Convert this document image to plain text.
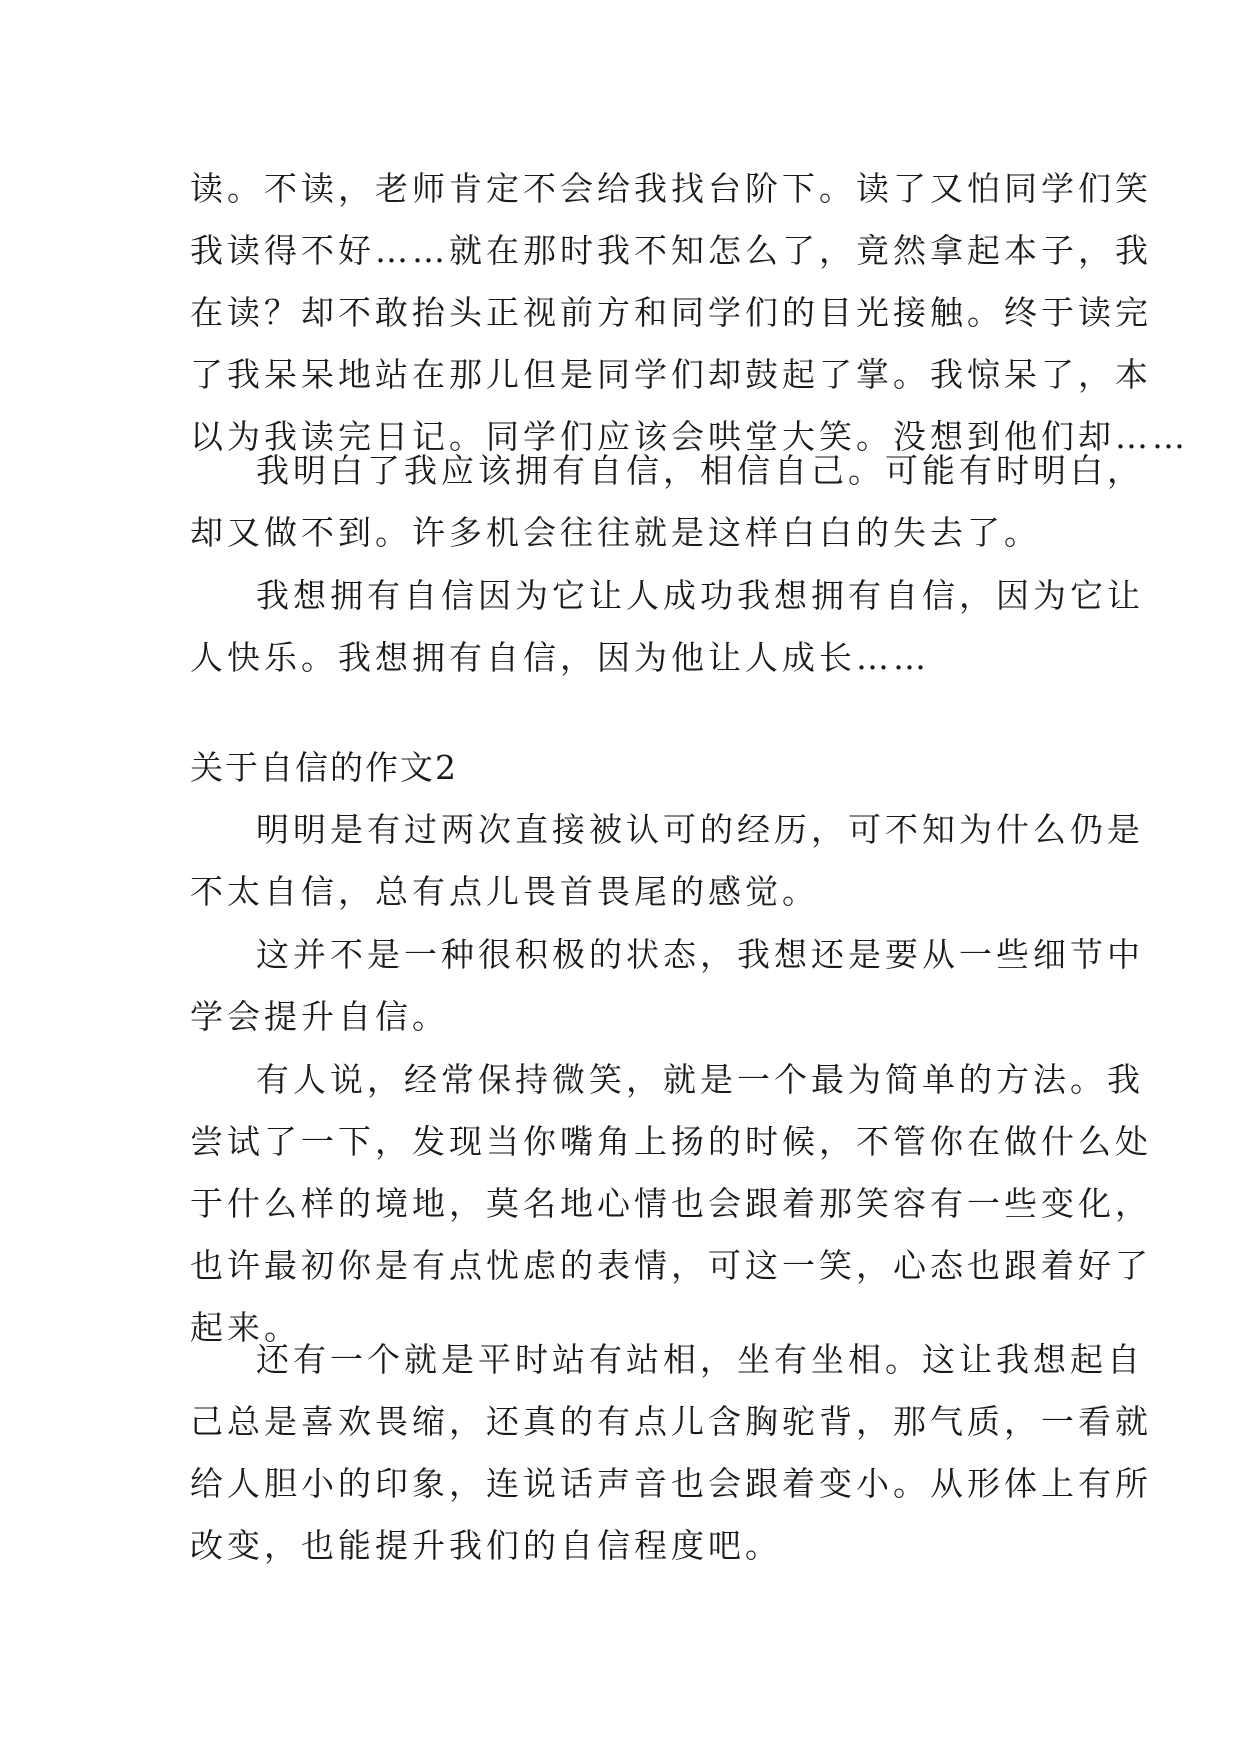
读。不读，老师肯定不会给我找台阶下。读了又怕同学们笑
我读得不好……就在那时我不知怎么了，竟然拿起本子，我
在读？却不敢抬头正视前方和同学们的目光接触。终于读完
了我呆呆地站在那儿但是同学们却鼓起了掌。我惊呆了，本
以为我读完日记。同学们应该会哄堂大笑。没想到他们却……
我明白了我应该拥有自信，相信自己。可能有时明白，
却又做不到。许多机会往往就是这样白白的失去了。
我想拥有自信因为它让人成功我想拥有自信，因为它让
人快乐。我想拥有自信，因为他让人成长……
关于自信的作文2
明明是有过两次直接被认可的经历，可不知为什么仍是
不太自信，总有点儿畏首畏尾的感觉。
这并不是一种很积极的状态，我想还是要从一些细节中
学会提升自信。
有人说，经常保持微笑，就是一个最为简单的方法。我
尝试了一下，发现当你嘴角上扬的时候，不管你在做什么处
于什么样的境地，莫名地心情也会跟着那笑容有一些变化，
也许最初你是有点忧虑的表情，可这一笑，心态也跟着好了
起来。
还有一个就是平时站有站相，坐有坐相。这让我想起自
己总是喜欢畏缩，还真的有点儿含胸驼背，那气质，一看就
给人胆小的印象，连说话声音也会跟着变小。从形体上有所
改变，也能提升我们的自信程度吧。
